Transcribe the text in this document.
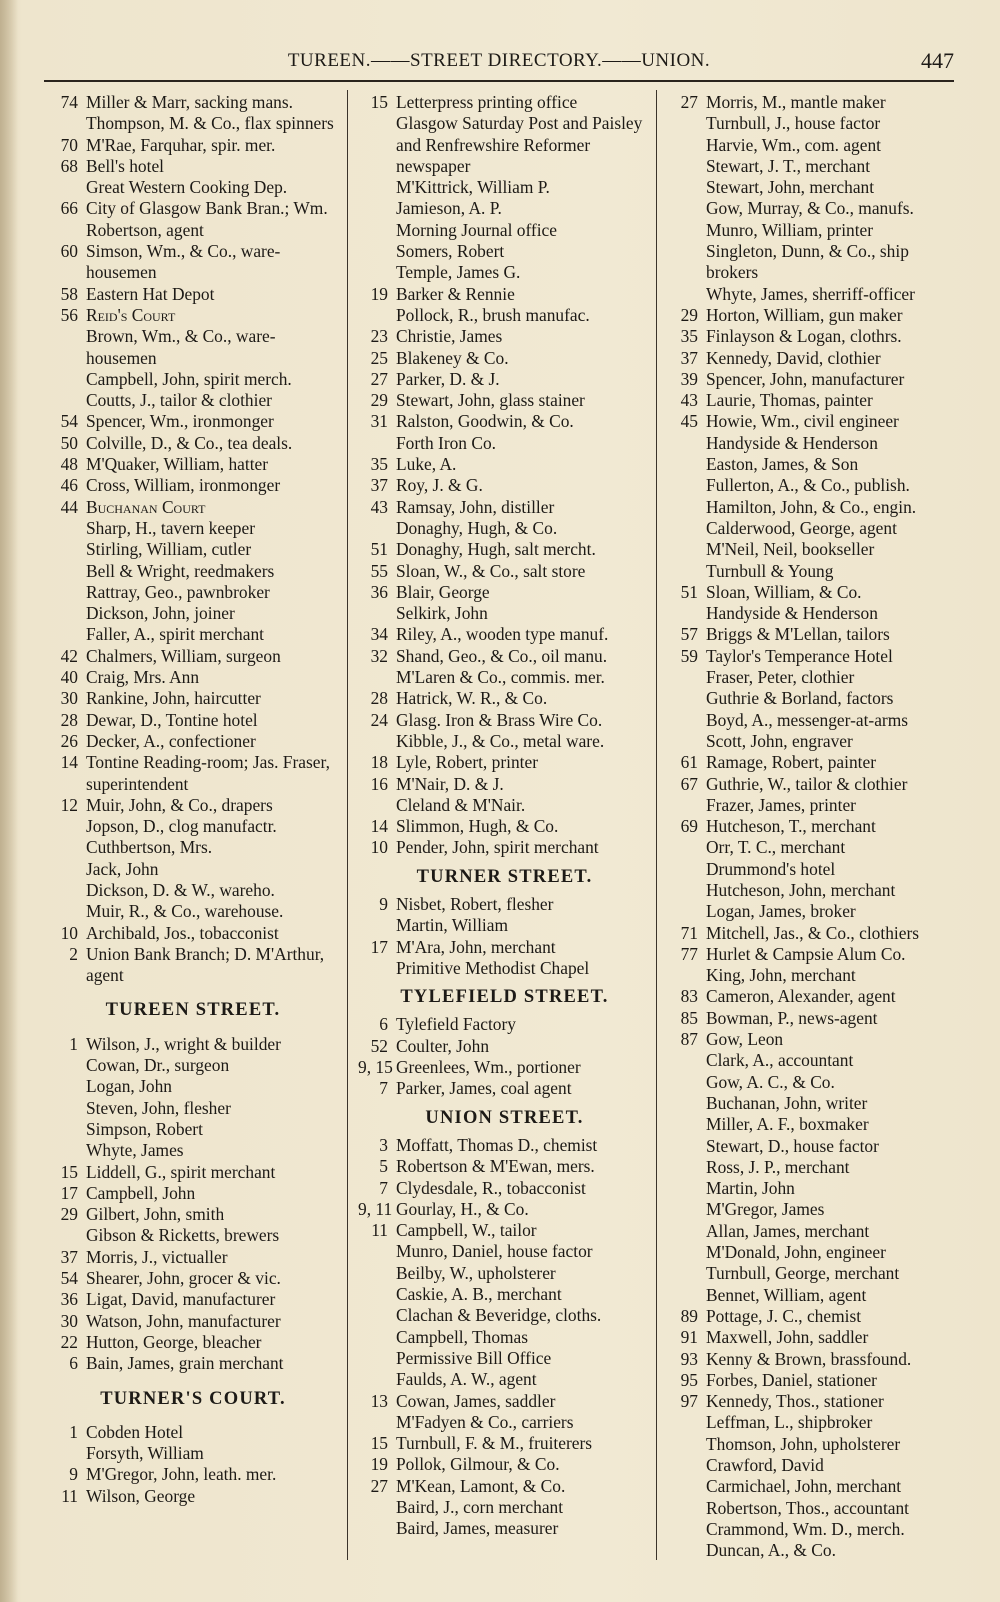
TUREEN.——STREET DIRECTORY.——UNION.	447
74 Miller & Marr, sacking mans.
Thompson, M. & Co., flax spinners
70 M'Rae, Farquhar, spir. mer.
68 Bell's hotel
Great Western Cooking Dep.
66 City of Glasgow Bank Bran.; Wm. Robertson, agent
60 Simson, Wm., & Co., ware-housemen
58 Eastern Hat Depot
56 Reid's Court
Brown, Wm., & Co., ware-housemen
Campbell, John, spirit merch.
Coutts, J., tailor & clothier
54 Spencer, Wm., ironmonger
50 Colville, D., & Co., tea deals.
48 M'Quaker, William, hatter
46 Cross, William, ironmonger
44 Buchanan Court
Sharp, H., tavern keeper
Stirling, William, cutler
Bell & Wright, reedmakers
Rattray, Geo., pawnbroker
Dickson, John, joiner
Faller, A., spirit merchant
42 Chalmers, William, surgeon
40 Craig, Mrs. Ann
30 Rankine, John, haircutter
28 Dewar, D., Tontine hotel
26 Decker, A., confectioner
14 Tontine Reading-room; Jas. Fraser, superintendent
12 Muir, John, & Co., drapers
Jopson, D., clog manufactr.
Cuthbertson, Mrs.
Jack, John
Dickson, D. & W., wareho.
Muir, R., & Co., warehouse.
10 Archibald, Jos., tobacconist
2 Union Bank Branch; D. M'Arthur, agent
TUREEN STREET.
1 Wilson, J., wright & builder
Cowan, Dr., surgeon
Logan, John
Steven, John, flesher
Simpson, Robert
Whyte, James
15 Liddell, G., spirit merchant
17 Campbell, John
29 Gilbert, John, smith
Gibson & Ricketts, brewers
37 Morris, J., victualler
54 Shearer, John, grocer & vic.
36 Ligat, David, manufacturer
30 Watson, John, manufacturer
22 Hutton, George, bleacher
6 Bain, James, grain merchant
TURNER'S COURT.
1 Cobden Hotel
Forsyth, William
9 M'Gregor, John, leath. mer.
11 Wilson, George
15 Letterpress printing office
Glasgow Saturday Post and Paisley and Renfrewshire Reformer newspaper
M'Kittrick, William P.
Jamieson, A. P.
Morning Journal office
Somers, Robert
Temple, James G.
19 Barker & Rennie
Pollock, R., brush manufac.
23 Christie, James
25 Blakeney & Co.
27 Parker, D. & J.
29 Stewart, John, glass stainer
31 Ralston, Goodwin, & Co.
Forth Iron Co.
35 Luke, A.
37 Roy, J. & G.
43 Ramsay, John, distiller
Donaghy, Hugh, & Co.
51 Donaghy, Hugh, salt mercht.
55 Sloan, W., & Co., salt store
36 Blair, George
Selkirk, John
34 Riley, A., wooden type manuf.
32 Shand, Geo., & Co., oil manu.
M'Laren & Co., commis. mer.
28 Hatrick, W. R., & Co.
24 Glasg. Iron & Brass Wire Co.
Kibble, J., & Co., metal ware.
18 Lyle, Robert, printer
16 M'Nair, D. & J.
Cleland & M'Nair.
14 Slimmon, Hugh, & Co.
10 Pender, John, spirit merchant
TURNER STREET.
9 Nisbet, Robert, flesher
Martin, William
17 M'Ara, John, merchant
Primitive Methodist Chapel
TYLEFIELD STREET.
6 Tylefield Factory
52 Coulter, John
9, 15 Greenlees, Wm., portioner
7 Parker, James, coal agent
UNION STREET.
3 Moffatt, Thomas D., chemist
5 Robertson & M'Ewan, mers.
7 Clydesdale, R., tobacconist
9, 11 Gourlay, H., & Co.
11 Campbell, W., tailor
Munro, Daniel, house factor
Beilby, W., upholsterer
Caskie, A. B., merchant
Clachan & Beveridge, cloths.
Campbell, Thomas
Permissive Bill Office
Faulds, A. W., agent
13 Cowan, James, saddler
M'Fadyen & Co., carriers
15 Turnbull, F. & M., fruiterers
19 Pollok, Gilmour, & Co.
27 M'Kean, Lamont, & Co.
Baird, J., corn merchant
Baird, James, measurer
27 Morris, M., mantle maker
Turnbull, J., house factor
Harvie, Wm., com. agent
Stewart, J. T., merchant
Stewart, John, merchant
Gow, Murray, & Co., manufs.
Munro, William, printer
Singleton, Dunn, & Co., ship brokers
Whyte, James, sherriff-officer
29 Horton, William, gun maker
35 Finlayson & Logan, clothrs.
37 Kennedy, David, clothier
39 Spencer, John, manufacturer
43 Laurie, Thomas, painter
45 Howie, Wm., civil engineer
Handyside & Henderson
Easton, James, & Son
Fullerton, A., & Co., publish.
Hamilton, John, & Co., engin.
Calderwood, George, agent
M'Neil, Neil, bookseller
Turnbull & Young
51 Sloan, William, & Co.
Handyside & Henderson
57 Briggs & M'Lellan, tailors
59 Taylor's Temperance Hotel
Fraser, Peter, clothier
Guthrie & Borland, factors
Boyd, A., messenger-at-arms
Scott, John, engraver
61 Ramage, Robert, painter
67 Guthrie, W., tailor & clothier
Frazer, James, printer
69 Hutcheson, T., merchant
Orr, T. C., merchant
Drummond's hotel
Hutcheson, John, merchant
Logan, James, broker
71 Mitchell, Jas., & Co., clothiers
77 Hurlet & Campsie Alum Co.
King, John, merchant
83 Cameron, Alexander, agent
85 Bowman, P., news-agent
87 Gow, Leon
Clark, A., accountant
Gow, A. C., & Co.
Buchanan, John, writer
Miller, A. F., boxmaker
Stewart, D., house factor
Ross, J. P., merchant
Martin, John
M'Gregor, James
Allan, James, merchant
M'Donald, John, engineer
Turnbull, George, merchant
Bennet, William, agent
89 Pottage, J. C., chemist
91 Maxwell, John, saddler
93 Kenny & Brown, brassfound.
95 Forbes, Daniel, stationer
97 Kennedy, Thos., stationer
Leffman, L., shipbroker
Thomson, John, upholsterer
Crawford, David
Carmichael, John, merchant
Robertson, Thos., accountant
Crammond, Wm. D., merch.
Duncan, A., & Co.
